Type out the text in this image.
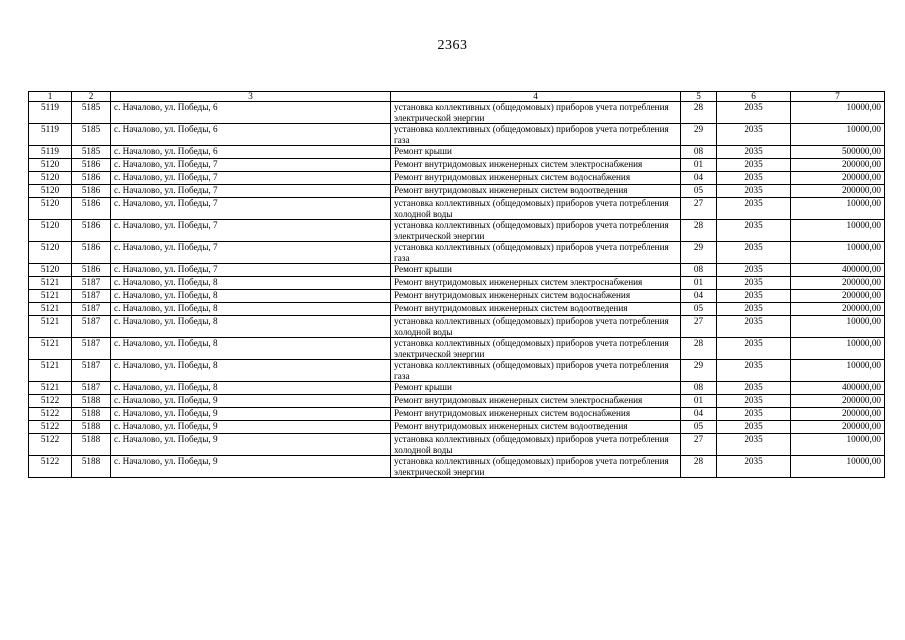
2363
1	2	3	4	5	6	7
5119	5185	с. Началово, ул. Победы, 6	установка коллективных (общедомовых) приборов учета потребления электрической энергии	28	2035	10000,00
5119	5185	с. Началово, ул. Победы, 6	установка коллективных (общедомовых) приборов учета потребления газа	29	2035	10000,00
5119	5185	с. Началово, ул. Победы, 6	Ремонт крыши	08	2035	500000,00
5120	5186	с. Началово, ул. Победы, 7	Ремонт внутридомовых инженерных систем электроснабжения	01	2035	200000,00
5120	5186	с. Началово, ул. Победы, 7	Ремонт внутридомовых инженерных систем водоснабжения	04	2035	200000,00
5120	5186	с. Началово, ул. Победы, 7	Ремонт внутридомовых инженерных систем водоотведения	05	2035	200000,00
5120	5186	с. Началово, ул. Победы, 7	установка коллективных (общедомовых) приборов учета потребления холодной воды	27	2035	10000,00
5120	5186	с. Началово, ул. Победы, 7	установка коллективных (общедомовых) приборов учета потребления электрической энергии	28	2035	10000,00
5120	5186	с. Началово, ул. Победы, 7	установка коллективных (общедомовых) приборов учета потребления газа	29	2035	10000,00
5120	5186	с. Началово, ул. Победы, 7	Ремонт крыши	08	2035	400000,00
5121	5187	с. Началово, ул. Победы, 8	Ремонт внутридомовых инженерных систем электроснабжения	01	2035	200000,00
5121	5187	с. Началово, ул. Победы, 8	Ремонт внутридомовых инженерных систем водоснабжения	04	2035	200000,00
5121	5187	с. Началово, ул. Победы, 8	Ремонт внутридомовых инженерных систем водоотведения	05	2035	200000,00
5121	5187	с. Началово, ул. Победы, 8	установка коллективных (общедомовых) приборов учета потребления холодной воды	27	2035	10000,00
5121	5187	с. Началово, ул. Победы, 8	установка коллективных (общедомовых) приборов учета потребления электрической энергии	28	2035	10000,00
5121	5187	с. Началово, ул. Победы, 8	установка коллективных (общедомовых) приборов учета потребления газа	29	2035	10000,00
5121	5187	с. Началово, ул. Победы, 8	Ремонт крыши	08	2035	400000,00
5122	5188	с. Началово, ул. Победы, 9	Ремонт внутридомовых инженерных систем электроснабжения	01	2035	200000,00
5122	5188	с. Началово, ул. Победы, 9	Ремонт внутридомовых инженерных систем водоснабжения	04	2035	200000,00
5122	5188	с. Началово, ул. Победы, 9	Ремонт внутридомовых инженерных систем водоотведения	05	2035	200000,00
5122	5188	с. Началово, ул. Победы, 9	установка коллективных (общедомовых) приборов учета потребления холодной воды	27	2035	10000,00
5122	5188	с. Началово, ул. Победы, 9	установка коллективных (общедомовых) приборов учета потребления электрической энергии	28	2035	10000,00
